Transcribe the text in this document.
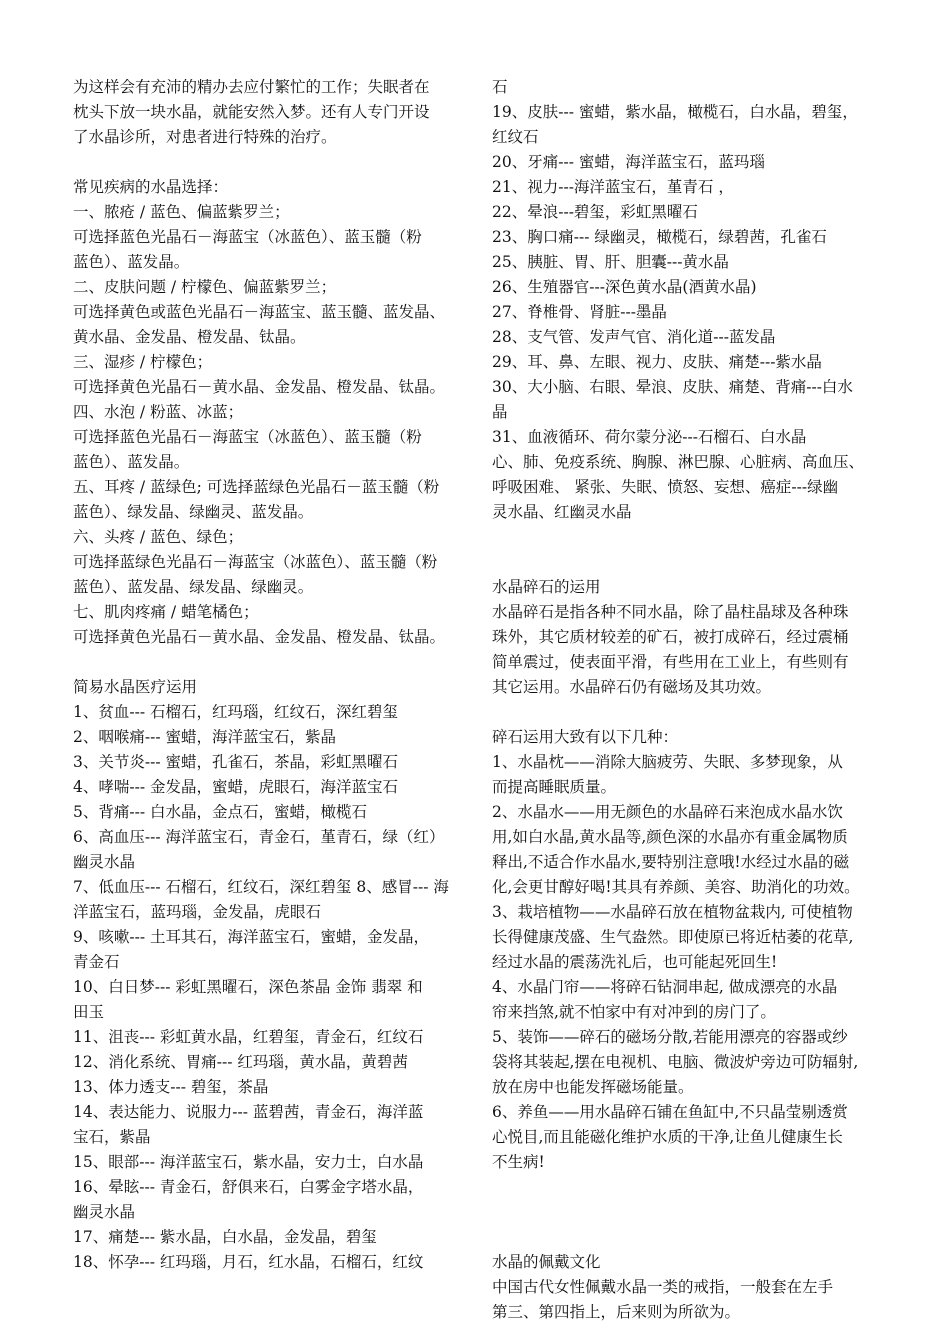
为这样会有充沛的精办去应付繁忙的工作；失眠者在
枕头下放一块水晶，就能安然入梦。还有人专门开设
了水晶诊所，对患者进行特殊的治疗。
常见疾病的水晶选择：
一、脓疮 / 蓝色、偏蓝紫罗兰；
可选择蓝色光晶石－海蓝宝（冰蓝色）、蓝玉髓（粉
蓝色）、蓝发晶。
二、皮肤问题 / 柠檬色、偏蓝紫罗兰；
可选择黄色或蓝色光晶石－海蓝宝、蓝玉髓、蓝发晶、
黄水晶、金发晶、橙发晶、钛晶。
三、湿疹 / 柠檬色；
可选择黄色光晶石－黄水晶、金发晶、橙发晶、钛晶。
四、水泡 / 粉蓝、冰蓝；
可选择蓝色光晶石－海蓝宝（冰蓝色）、蓝玉髓（粉
蓝色）、蓝发晶。
五、耳疼 / 蓝绿色; 可选择蓝绿色光晶石－蓝玉髓（粉
蓝色）、绿发晶、绿幽灵、蓝发晶。
六、头疼 / 蓝色、绿色；
可选择蓝绿色光晶石－海蓝宝（冰蓝色）、蓝玉髓（粉
蓝色）、蓝发晶、绿发晶、绿幽灵。
七、肌肉疼痛 / 蜡笔橘色；
可选择黄色光晶石－黄水晶、金发晶、橙发晶、钛晶。
简易水晶医疗运用
1、贫血--- 石榴石，红玛瑙，红纹石，深红碧玺
2、咽喉痛--- 蜜蜡，海洋蓝宝石，紫晶
3、关节炎--- 蜜蜡，孔雀石，茶晶，彩虹黑曜石
4、哮喘--- 金发晶，蜜蜡，虎眼石，海洋蓝宝石
5、背痛--- 白水晶，金点石，蜜蜡，橄榄石
6、高血压--- 海洋蓝宝石，青金石，堇青石，绿（红）
幽灵水晶
7、低血压--- 石榴石，红纹石，深红碧玺 8、感冒--- 海
洋蓝宝石，蓝玛瑙，金发晶，虎眼石
9、咳嗽--- 土耳其石，海洋蓝宝石，蜜蜡，金发晶，
青金石
10、白日梦--- 彩虹黑曜石，深色茶晶 金饰 翡翠 和
田玉
11、沮丧--- 彩虹黄水晶，红碧玺，青金石，红纹石
12、消化系统、胃痛--- 红玛瑙，黄水晶，黄碧茜
13、体力透支--- 碧玺，茶晶
14、表达能力、说服力--- 蓝碧茜，青金石，海洋蓝
宝石，紫晶
15、眼部--- 海洋蓝宝石，紫水晶，安力士，白水晶
16、晕眩--- 青金石，舒俱来石，白雾金字塔水晶，
幽灵水晶
17、痛楚--- 紫水晶，白水晶，金发晶，碧玺
18、怀孕--- 红玛瑙，月石，红水晶，石榴石，红纹
石
19、皮肤--- 蜜蜡，紫水晶，橄榄石，白水晶，碧玺，
红纹石
20、牙痛--- 蜜蜡，海洋蓝宝石，蓝玛瑙
21、视力---海洋蓝宝石，堇青石 ，
22、晕浪---碧玺，彩虹黑曜石
23、胸口痛--- 绿幽灵，橄榄石，绿碧茜，孔雀石
25、胰脏、胃、肝、胆囊---黄水晶
26、生殖器官---深色黄水晶(酒黄水晶)
27、脊椎骨、肾脏---墨晶
28、支气管、发声气官、消化道---蓝发晶
29、耳、鼻、左眼、视力、皮肤、痛楚---紫水晶
30、大小脑、右眼、晕浪、皮肤、痛楚、背痛---白水
晶
31、血液循环、荷尔蒙分泌---石榴石、白水晶
心、肺、免疫系统、胸腺、淋巴腺、心脏病、高血压、
呼吸困难、 紧张、失眠、愤怒、妄想、癌症---绿幽
灵水晶、红幽灵水晶
水晶碎石的运用
水晶碎石是指各种不同水晶，除了晶柱晶球及各种珠
珠外，其它质材较差的矿石，被打成碎石，经过震桶
简单震过，使表面平滑，有些用在工业上，有些则有
其它运用。水晶碎石仍有磁场及其功效。
碎石运用大致有以下几种：
1、水晶枕——消除大脑疲劳、失眠、多梦现象，从
而提高睡眠质量。
2、水晶水——用无颜色的水晶碎石来泡成水晶水饮
用,如白水晶,黄水晶等,颜色深的水晶亦有重金属物质
释出,不适合作水晶水,要特别注意哦!水经过水晶的磁
化,会更甘醇好喝!其具有养颜、美容、助消化的功效。
3、栽培植物——水晶碎石放在植物盆栽内, 可使植物
长得健康茂盛、生气盎然。即使原已将近枯萎的花草,
经过水晶的震荡洗礼后，也可能起死回生!
4、水晶门帘——将碎石钻洞串起, 做成漂亮的水晶
帘来挡煞,就不怕家中有对冲到的房门了。
5、装饰——碎石的磁场分散,若能用漂亮的容器或纱
袋将其装起,摆在电视机、电脑、微波炉旁边可防辐射,
放在房中也能发挥磁场能量。
6、养鱼——用水晶碎石铺在鱼缸中,不只晶莹剔透赏
心悦目,而且能磁化维护水质的干净,让鱼儿健康生长
不生病!
水晶的佩戴文化
中国古代女性佩戴水晶一类的戒指，一般套在左手
第三、第四指上，后来则为所欲为。
